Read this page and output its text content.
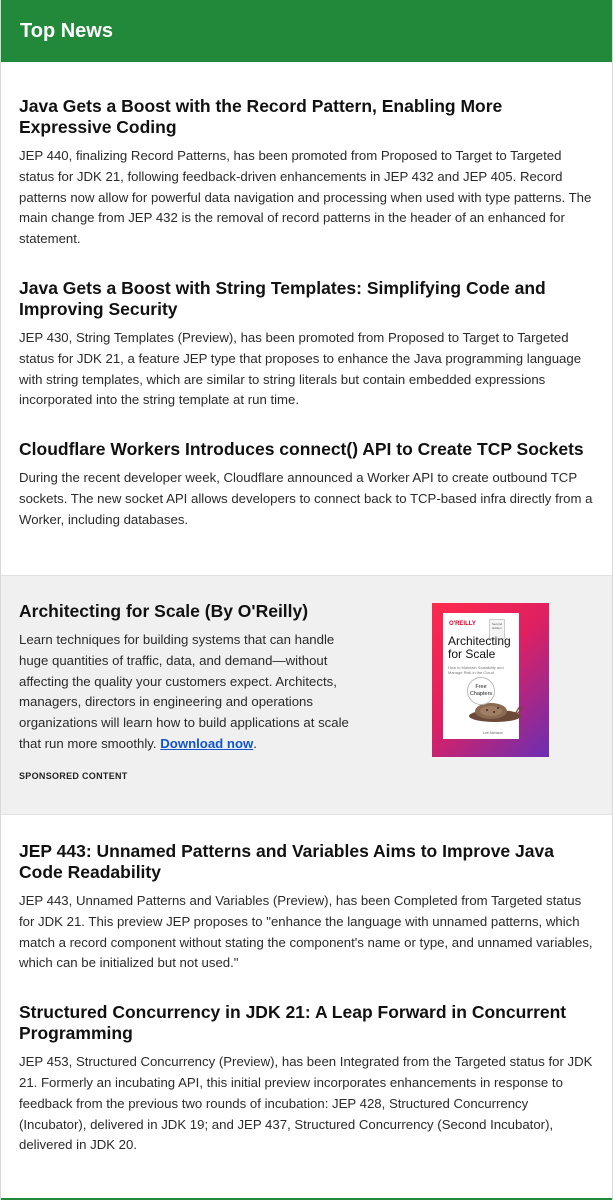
Top News
Java Gets a Boost with the Record Pattern, Enabling More Expressive Coding

JEP 440, finalizing Record Patterns, has been promoted from Proposed to Target to Targeted status for JDK 21, following feedback-driven enhancements in JEP 432 and JEP 405. Record patterns now allow for powerful data navigation and processing when used with type patterns. The main change from JEP 432 is the removal of record patterns in the header of an enhanced for statement.

Java Gets a Boost with String Templates: Simplifying Code and Improving Security

JEP 430, String Templates (Preview), has been promoted from Proposed to Target to Targeted status for JDK 21, a feature JEP type that proposes to enhance the Java programming language with string templates, which are similar to string literals but contain embedded expressions incorporated into the string template at run time.

Cloudflare Workers Introduces connect() API to Create TCP Sockets

During the recent developer week, Cloudflare announced a Worker API to create outbound TCP sockets. The new socket API allows developers to connect back to TCP-based infra directly from a Worker, including databases.

Architecting for Scale (By O'Reilly)

Learn techniques for building systems that can handle huge quantities of traffic, data, and demand—without affecting the quality your customers expect. Architects, managers, directors in engineering and operations organizations will learn how to build applications at scale that run more smoothly. Download now.

SPONSORED CONTENT
O'REILLY	Second Edition
Architecting for Scale
How to Maintain Scalability and Manage Risk in the Cloud
Free Chapters
Lee Atchison
JEP 443: Unnamed Patterns and Variables Aims to Improve Java Code Readability

JEP 443, Unnamed Patterns and Variables (Preview), has been Completed from Targeted status for JDK 21. This preview JEP proposes to "enhance the language with unnamed patterns, which match a record component without stating the component's name or type, and unnamed variables, which can be initialized but not used."

Structured Concurrency in JDK 21: A Leap Forward in Concurrent Programming

JEP 453, Structured Concurrency (Preview), has been Integrated from the Targeted status for JDK 21. Formerly an incubating API, this initial preview incorporates enhancements in response to feedback from the previous two rounds of incubation: JEP 428, Structured Concurrency (Incubator), delivered in JDK 19; and JEP 437, Structured Concurrency (Second Incubator), delivered in JDK 20.
